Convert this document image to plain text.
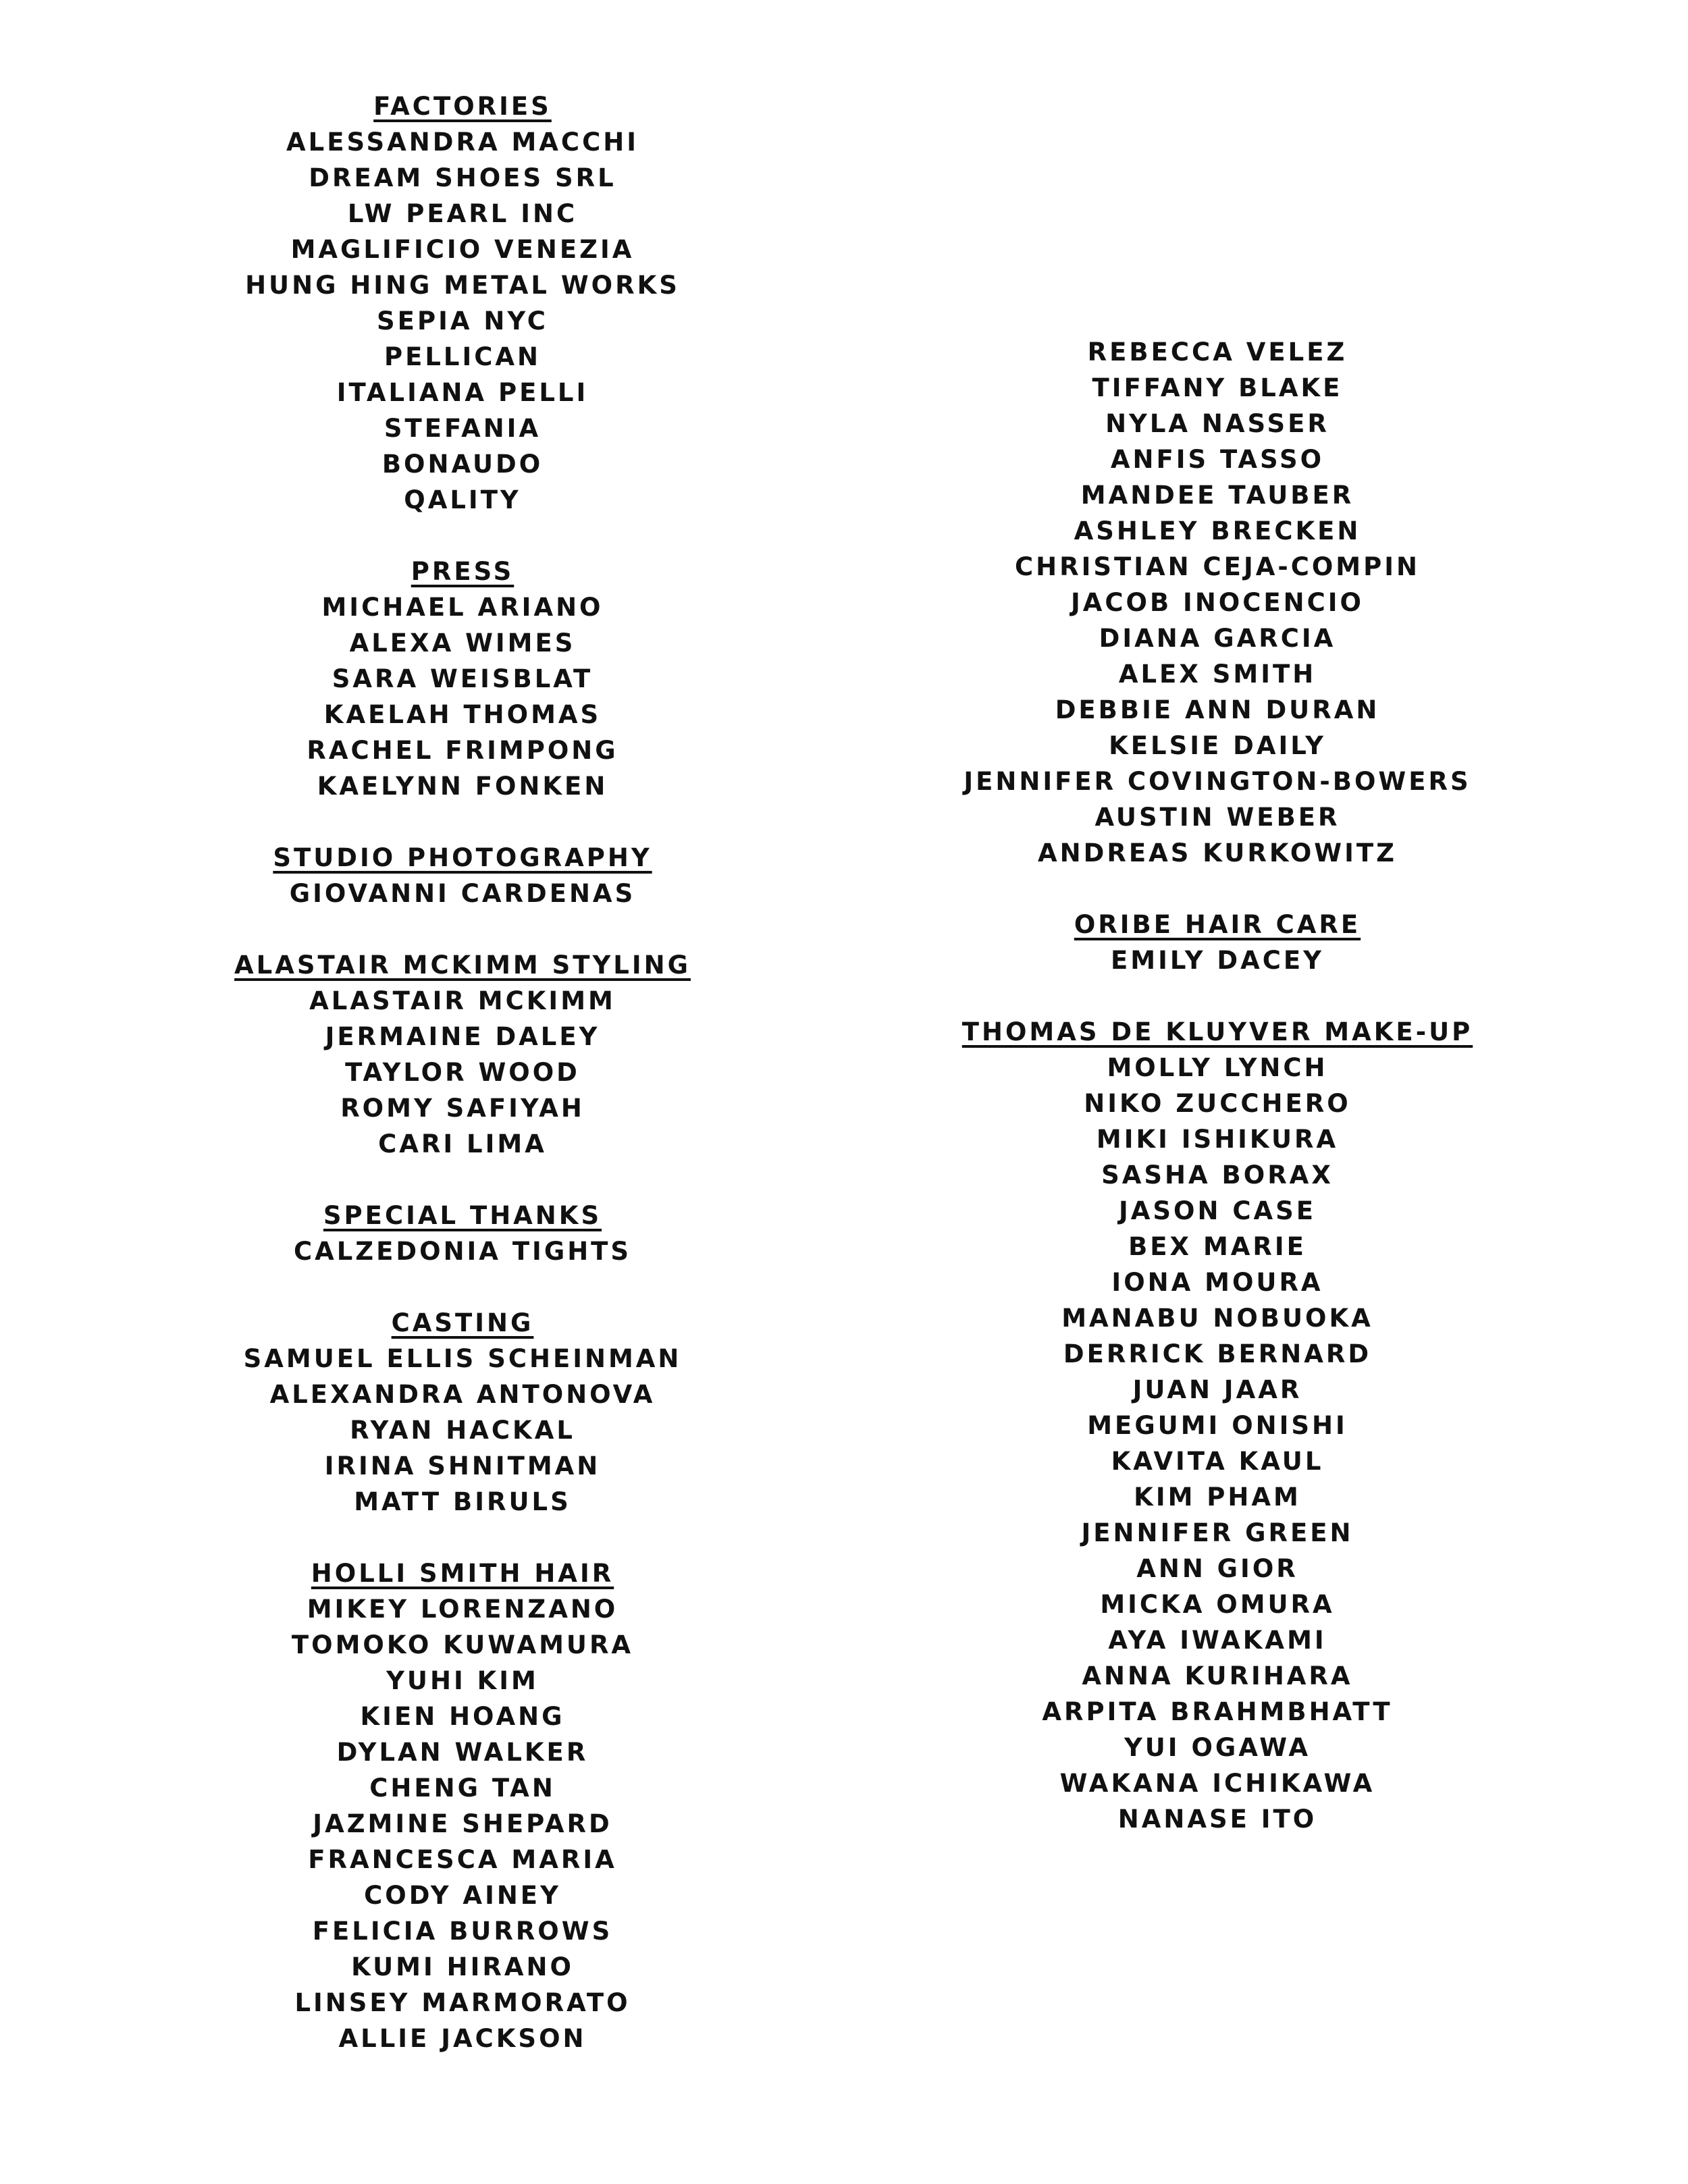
FACTORIES
ALESSANDRA MACCHI
DREAM SHOES SRL
LW PEARL INC
MAGLIFICIO VENEZIA
HUNG HING METAL WORKS
SEPIA NYC
PELLICAN
ITALIANA PELLI
STEFANIA
BONAUDO
QALITY
PRESS
MICHAEL ARIANO
ALEXA WIMES
SARA WEISBLAT
KAELAH THOMAS
RACHEL FRIMPONG
KAELYNN FONKEN
STUDIO PHOTOGRAPHY
GIOVANNI CARDENAS
ALASTAIR MCKIMM STYLING
ALASTAIR MCKIMM
JERMAINE DALEY
TAYLOR WOOD
ROMY SAFIYAH
CARI LIMA
SPECIAL THANKS
CALZEDONIA TIGHTS
CASTING
SAMUEL ELLIS SCHEINMAN
ALEXANDRA ANTONOVA
RYAN HACKAL
IRINA SHNITMAN
MATT BIRULS
HOLLI SMITH HAIR
MIKEY LORENZANO
TOMOKO KUWAMURA
YUHI KIM
KIEN HOANG
DYLAN WALKER
CHENG TAN
JAZMINE SHEPARD
FRANCESCA MARIA
CODY AINEY
FELICIA BURROWS
KUMI HIRANO
LINSEY MARMORATO
ALLIE JACKSON
REBECCA VELEZ
TIFFANY BLAKE
NYLA NASSER
ANFIS TASSO
MANDEE TAUBER
ASHLEY BRECKEN
CHRISTIAN CEJA-COMPIN
JACOB INOCENCIO
DIANA GARCIA
ALEX SMITH
DEBBIE ANN DURAN
KELSIE DAILY
JENNIFER COVINGTON-BOWERS
AUSTIN WEBER
ANDREAS KURKOWITZ
ORIBE HAIR CARE
EMILY DACEY
THOMAS DE KLUYVER MAKE-UP
MOLLY LYNCH
NIKO ZUCCHERO
MIKI ISHIKURA
SASHA BORAX
JASON CASE
BEX MARIE
IONA MOURA
MANABU NOBUOKA
DERRICK BERNARD
JUAN JAAR
MEGUMI ONISHI
KAVITA KAUL
KIM PHAM
JENNIFER GREEN
ANN GIOR
MICKA OMURA
AYA IWAKAMI
ANNA KURIHARA
ARPITA BRAHMBHATT
YUI OGAWA
WAKANA ICHIKAWA
NANASE ITO
